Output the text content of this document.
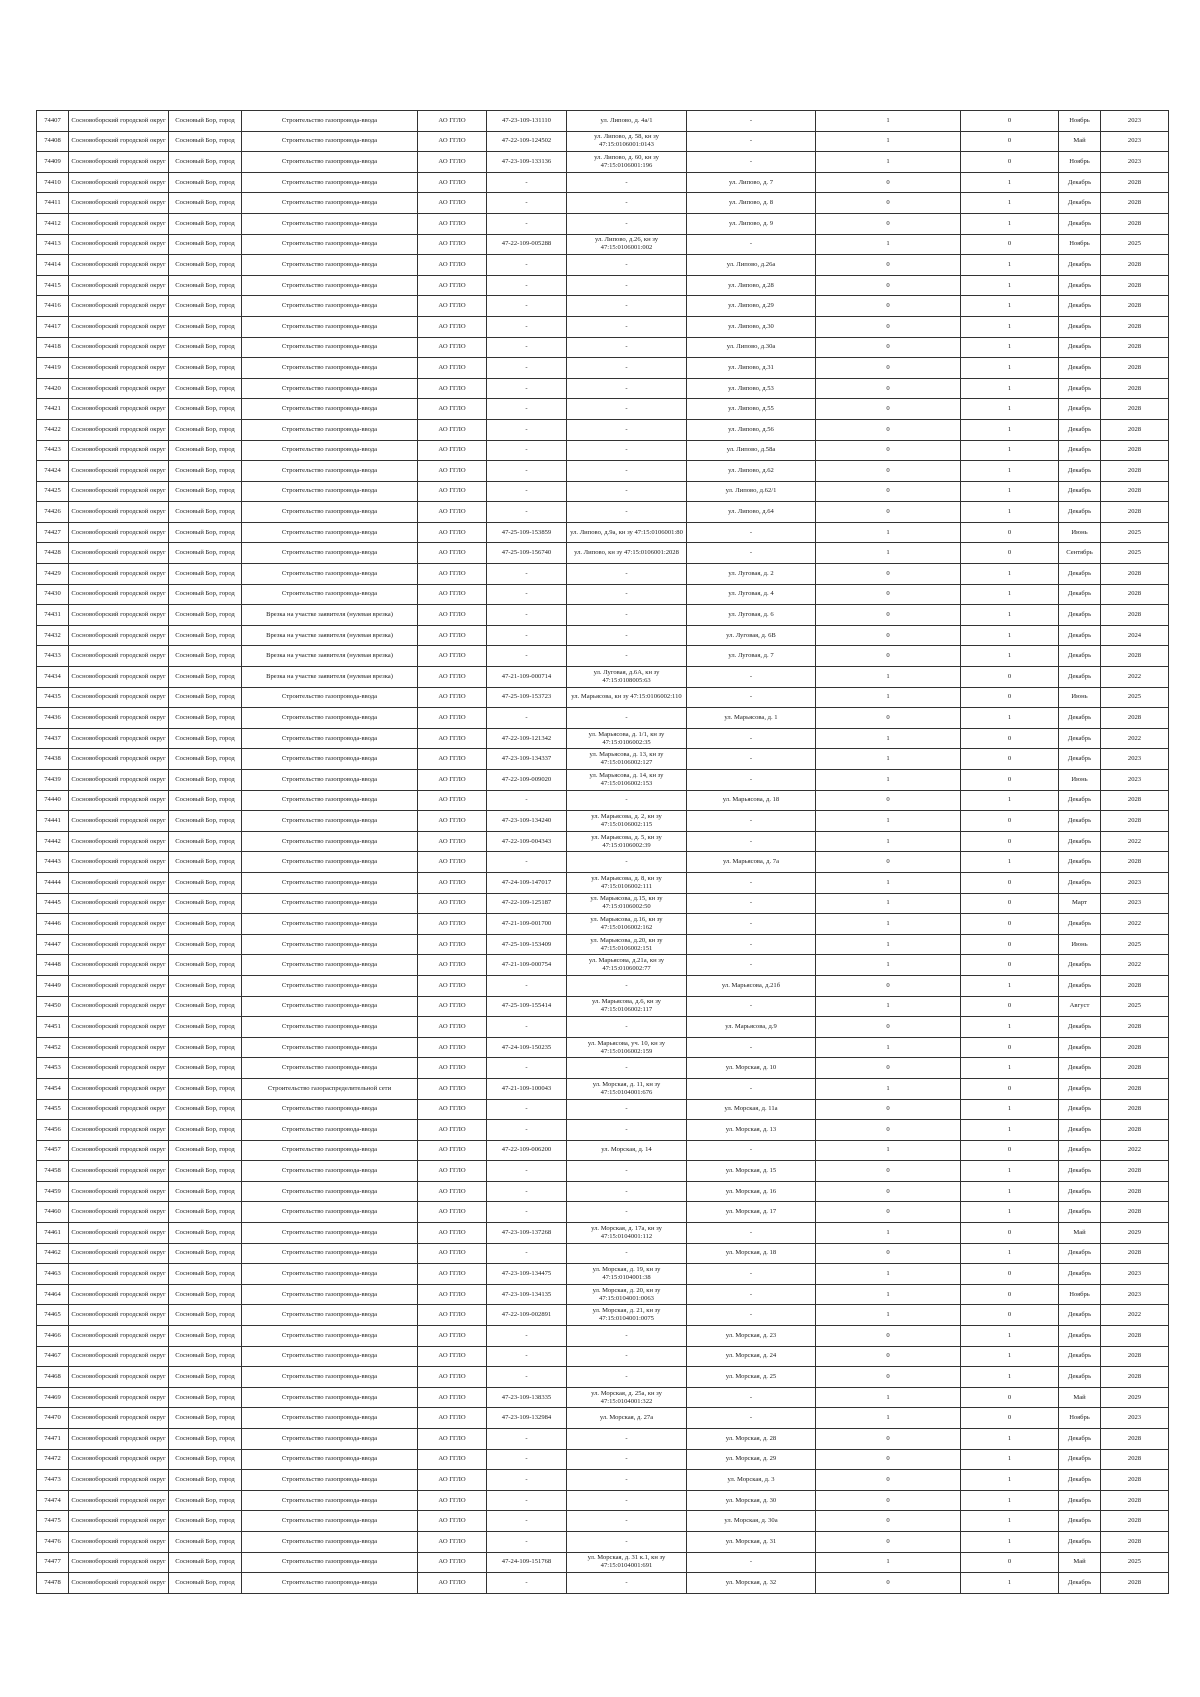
74407	Сосновоборский городской округ	Сосновый Бор, город	Строительство газопровода-ввода	АО ГГЛО	47-23-109-131110	ул. Липово, д. 4а/1	-	1	0	Ноябрь	2023
74408	Сосновоборский городской округ	Сосновый Бор, город	Строительство газопровода-ввода	АО ГГЛО	47-22-109-124502	ул. Липово, д. 58, кн зу 47:15:0106001:0143	-	1	0	Май	2023
74409	Сосновоборский городской округ	Сосновый Бор, город	Строительство газопровода-ввода	АО ГГЛО	47-23-109-133136	ул. Липово, д. 60, кн зу 47:15:0106001:196	-	1	0	Ноябрь	2023
74410	Сосновоборский городской округ	Сосновый Бор, город	Строительство газопровода-ввода	АО ГГЛО	-	-	ул. Липово, д. 7	0	1	Декабрь	2028
74411	Сосновоборский городской округ	Сосновый Бор, город	Строительство газопровода-ввода	АО ГГЛО	-	-	ул. Липово, д. 8	0	1	Декабрь	2028
74412	Сосновоборский городской округ	Сосновый Бор, город	Строительство газопровода-ввода	АО ГГЛО	-	-	ул. Липово, д. 9	0	1	Декабрь	2028
74413	Сосновоборский городской округ	Сосновый Бор, город	Строительство газопровода-ввода	АО ГГЛО	47-22-109-005288	ул. Липово, д.26, кн зу 47:15:0106001:002	-	1	0	Ноябрь	2025
74414	Сосновоборский городской округ	Сосновый Бор, город	Строительство газопровода-ввода	АО ГГЛО	-	-	ул. Липово, д.26а	0	1	Декабрь	2028
74415	Сосновоборский городской округ	Сосновый Бор, город	Строительство газопровода-ввода	АО ГГЛО	-	-	ул. Липово, д.28	0	1	Декабрь	2028
74416	Сосновоборский городской округ	Сосновый Бор, город	Строительство газопровода-ввода	АО ГГЛО	-	-	ул. Липово, д.29	0	1	Декабрь	2028
74417	Сосновоборский городской округ	Сосновый Бор, город	Строительство газопровода-ввода	АО ГГЛО	-	-	ул. Липово, д.30	0	1	Декабрь	2028
74418	Сосновоборский городской округ	Сосновый Бор, город	Строительство газопровода-ввода	АО ГГЛО	-	-	ул. Липово, д.30а	0	1	Декабрь	2028
74419	Сосновоборский городской округ	Сосновый Бор, город	Строительство газопровода-ввода	АО ГГЛО	-	-	ул. Липово, д.31	0	1	Декабрь	2028
74420	Сосновоборский городской округ	Сосновый Бор, город	Строительство газопровода-ввода	АО ГГЛО	-	-	ул. Липово, д.53	0	1	Декабрь	2028
74421	Сосновоборский городской округ	Сосновый Бор, город	Строительство газопровода-ввода	АО ГГЛО	-	-	ул. Липово, д.55	0	1	Декабрь	2028
74422	Сосновоборский городской округ	Сосновый Бор, город	Строительство газопровода-ввода	АО ГГЛО	-	-	ул. Липово, д.56	0	1	Декабрь	2028
74423	Сосновоборский городской округ	Сосновый Бор, город	Строительство газопровода-ввода	АО ГГЛО	-	-	ул. Липово, д.58а	0	1	Декабрь	2028
74424	Сосновоборский городской округ	Сосновый Бор, город	Строительство газопровода-ввода	АО ГГЛО	-	-	ул. Липово, д.62	0	1	Декабрь	2028
74425	Сосновоборский городской округ	Сосновый Бор, город	Строительство газопровода-ввода	АО ГГЛО	-	-	ул. Липово, д.62/1	0	1	Декабрь	2028
74426	Сосновоборский городской округ	Сосновый Бор, город	Строительство газопровода-ввода	АО ГГЛО	-	-	ул. Липово, д.64	0	1	Декабрь	2028
74427	Сосновоборский городской округ	Сосновый Бор, город	Строительство газопровода-ввода	АО ГГЛО	47-25-109-153859	ул. Липово, д.9а, кн зу 47:15:0106001:80	-	1	0	Июнь	2025
74428	Сосновоборский городской округ	Сосновый Бор, город	Строительство газопровода-ввода	АО ГГЛО	47-25-109-156740	ул. Липово, кн зу 47:15:0106001:2028	-	1	0	Сентябрь	2025
74429	Сосновоборский городской округ	Сосновый Бор, город	Строительство газопровода-ввода	АО ГГЛО	-	-	ул. Луговая, д. 2	0	1	Декабрь	2028
74430	Сосновоборский городской округ	Сосновый Бор, город	Строительство газопровода-ввода	АО ГГЛО	-	-	ул. Луговая, д. 4	0	1	Декабрь	2028
74431	Сосновоборский городской округ	Сосновый Бор, город	Врезка на участке заявителя (нулевая врезка)	АО ГГЛО	-	-	ул. Луговая, д. 6	0	1	Декабрь	2028
74432	Сосновоборский городской округ	Сосновый Бор, город	Врезка на участке заявителя (нулевая врезка)	АО ГГЛО	-	-	ул. Луговая, д. 6В	0	1	Декабрь	2024
74433	Сосновоборский городской округ	Сосновый Бор, город	Врезка на участке заявителя (нулевая врезка)	АО ГГЛО	-	-	ул. Луговая, д. 7	0	1	Декабрь	2028
74434	Сосновоборский городской округ	Сосновый Бор, город	Врезка на участке заявителя (нулевая врезка)	АО ГГЛО	47-21-109-000714	ул. Луговая, д.6А, кн зу 47:15:0108005:63	-	1	0	Декабрь	2022
74435	Сосновоборский городской округ	Сосновый Бор, город	Строительство газопровода-ввода	АО ГГЛО	47-25-109-153723	ул. Марьясова, кн зу 47:15:0106002:110	-	1	0	Июнь	2025
74436	Сосновоборский городской округ	Сосновый Бор, город	Строительство газопровода-ввода	АО ГГЛО	-	-	ул. Марьясова, д. 1	0	1	Декабрь	2028
74437	Сосновоборский городской округ	Сосновый Бор, город	Строительство газопровода-ввода	АО ГГЛО	47-22-109-121342	ул. Марьясова, д. 1/1, кн зу 47:15:0106002:35	-	1	0	Декабрь	2022
74438	Сосновоборский городской округ	Сосновый Бор, город	Строительство газопровода-ввода	АО ГГЛО	47-23-109-134337	ул. Марьясова, д. 13, кн зу 47:15:0106002:127	-	1	0	Декабрь	2023
74439	Сосновоборский городской округ	Сосновый Бор, город	Строительство газопровода-ввода	АО ГГЛО	47-22-109-009020	ул. Марьясова, д. 14, кн зу 47:15:0106002:153	-	1	0	Июнь	2023
74440	Сосновоборский городской округ	Сосновый Бор, город	Строительство газопровода-ввода	АО ГГЛО	-	-	ул. Марьясова, д. 18	0	1	Декабрь	2028
74441	Сосновоборский городской округ	Сосновый Бор, город	Строительство газопровода-ввода	АО ГГЛО	47-23-109-134240	ул. Марьясова, д. 2, кн зу 47:15:0106002:115	-	1	0	Декабрь	2028
74442	Сосновоборский городской округ	Сосновый Бор, город	Строительство газопровода-ввода	АО ГГЛО	47-22-109-004343	ул. Марьясова, д. 5, кн зу 47:15:0106002:39	-	1	0	Декабрь	2022
74443	Сосновоборский городской округ	Сосновый Бор, город	Строительство газопровода-ввода	АО ГГЛО	-	-	ул. Марьясова, д. 7а	0	1	Декабрь	2028
74444	Сосновоборский городской округ	Сосновый Бор, город	Строительство газопровода-ввода	АО ГГЛО	47-24-109-147017	ул. Марьясова, д. 8, кн зу 47:15:0106002:111	-	1	0	Декабрь	2023
74445	Сосновоборский городской округ	Сосновый Бор, город	Строительство газопровода-ввода	АО ГГЛО	47-22-109-125187	ул. Марьясова, д.15, кн зу 47:15:0106002:50	-	1	0	Март	2023
74446	Сосновоборский городской округ	Сосновый Бор, город	Строительство газопровода-ввода	АО ГГЛО	47-21-109-001700	ул. Марьясова, д.16, кн зу 47:15:0106002:162	-	1	0	Декабрь	2022
74447	Сосновоборский городской округ	Сосновый Бор, город	Строительство газопровода-ввода	АО ГГЛО	47-25-109-153409	ул. Марьясова, д.20, кн зу 47:15:0106002:151	-	1	0	Июнь	2025
74448	Сосновоборский городской округ	Сосновый Бор, город	Строительство газопровода-ввода	АО ГГЛО	47-21-109-000754	ул. Марьясова, д.21а, кн зу 47:15:0106002:77	-	1	0	Декабрь	2022
74449	Сосновоборский городской округ	Сосновый Бор, город	Строительство газопровода-ввода	АО ГГЛО	-	-	ул. Марьясова, д.21б	0	1	Декабрь	2028
74450	Сосновоборский городской округ	Сосновый Бор, город	Строительство газопровода-ввода	АО ГГЛО	47-25-109-155414	ул. Марьясова, д.6, кн зу 47:15:0106002:117	-	1	0	Август	2025
74451	Сосновоборский городской округ	Сосновый Бор, город	Строительство газопровода-ввода	АО ГГЛО	-	-	ул. Марьясова, д.9	0	1	Декабрь	2028
74452	Сосновоборский городской округ	Сосновый Бор, город	Строительство газопровода-ввода	АО ГГЛО	47-24-109-150235	ул. Марьясова, уч. 10, кн зу 47:15:0106002:159	-	1	0	Декабрь	2028
74453	Сосновоборский городской округ	Сосновый Бор, город	Строительство газопровода-ввода	АО ГГЛО	-	-	ул. Морская, д. 10	0	1	Декабрь	2028
74454	Сосновоборский городской округ	Сосновый Бор, город	Строительство газораспределительной сети	АО ГГЛО	47-21-109-100043	ул. Морская, д. 11, кн зу 47:15:0104001:676	-	1	0	Декабрь	2028
74455	Сосновоборский городской округ	Сосновый Бор, город	Строительство газопровода-ввода	АО ГГЛО	-	-	ул. Морская, д. 11а	0	1	Декабрь	2028
74456	Сосновоборский городской округ	Сосновый Бор, город	Строительство газопровода-ввода	АО ГГЛО	-	-	ул. Морская, д. 13	0	1	Декабрь	2028
74457	Сосновоборский городской округ	Сосновый Бор, город	Строительство газопровода-ввода	АО ГГЛО	47-22-109-006200	ул. Морская, д. 14	-	1	0	Декабрь	2022
74458	Сосновоборский городской округ	Сосновый Бор, город	Строительство газопровода-ввода	АО ГГЛО	-	-	ул. Морская, д. 15	0	1	Декабрь	2028
74459	Сосновоборский городской округ	Сосновый Бор, город	Строительство газопровода-ввода	АО ГГЛО	-	-	ул. Морская, д. 16	0	1	Декабрь	2028
74460	Сосновоборский городской округ	Сосновый Бор, город	Строительство газопровода-ввода	АО ГГЛО	-	-	ул. Морская, д. 17	0	1	Декабрь	2028
74461	Сосновоборский городской округ	Сосновый Бор, город	Строительство газопровода-ввода	АО ГГЛО	47-23-109-137268	ул. Морская, д. 17а, кн зу 47:15:0104001:112	-	1	0	Май	2029
74462	Сосновоборский городской округ	Сосновый Бор, город	Строительство газопровода-ввода	АО ГГЛО	-	-	ул. Морская, д. 18	0	1	Декабрь	2028
74463	Сосновоборский городской округ	Сосновый Бор, город	Строительство газопровода-ввода	АО ГГЛО	47-23-109-134475	ул. Морская, д. 19, кн зу 47:15:0104001:38	-	1	0	Декабрь	2023
74464	Сосновоборский городской округ	Сосновый Бор, город	Строительство газопровода-ввода	АО ГГЛО	47-23-109-134135	ул. Морская, д. 20, кн зу 47:15:0104001:0063	-	1	0	Ноябрь	2023
74465	Сосновоборский городской округ	Сосновый Бор, город	Строительство газопровода-ввода	АО ГГЛО	47-22-109-002891	ул. Морская, д. 21, кн зу 47:15:0104001:0075	-	1	0	Декабрь	2022
74466	Сосновоборский городской округ	Сосновый Бор, город	Строительство газопровода-ввода	АО ГГЛО	-	-	ул. Морская, д. 23	0	1	Декабрь	2028
74467	Сосновоборский городской округ	Сосновый Бор, город	Строительство газопровода-ввода	АО ГГЛО	-	-	ул. Морская, д. 24	0	1	Декабрь	2028
74468	Сосновоборский городской округ	Сосновый Бор, город	Строительство газопровода-ввода	АО ГГЛО	-	-	ул. Морская, д. 25	0	1	Декабрь	2028
74469	Сосновоборский городской округ	Сосновый Бор, город	Строительство газопровода-ввода	АО ГГЛО	47-23-109-138335	ул. Морская, д. 25а, кн зу 47:15:0104001:322	-	1	0	Май	2029
74470	Сосновоборский городской округ	Сосновый Бор, город	Строительство газопровода-ввода	АО ГГЛО	47-23-109-132984	ул. Морская, д. 27а	-	1	0	Ноябрь	2023
74471	Сосновоборский городской округ	Сосновый Бор, город	Строительство газопровода-ввода	АО ГГЛО	-	-	ул. Морская, д. 28	0	1	Декабрь	2028
74472	Сосновоборский городской округ	Сосновый Бор, город	Строительство газопровода-ввода	АО ГГЛО	-	-	ул. Морская, д. 29	0	1	Декабрь	2028
74473	Сосновоборский городской округ	Сосновый Бор, город	Строительство газопровода-ввода	АО ГГЛО	-	-	ул. Морская, д. 3	0	1	Декабрь	2028
74474	Сосновоборский городской округ	Сосновый Бор, город	Строительство газопровода-ввода	АО ГГЛО	-	-	ул. Морская, д. 30	0	1	Декабрь	2028
74475	Сосновоборский городской округ	Сосновый Бор, город	Строительство газопровода-ввода	АО ГГЛО	-	-	ул. Морская, д. 30а	0	1	Декабрь	2028
74476	Сосновоборский городской округ	Сосновый Бор, город	Строительство газопровода-ввода	АО ГГЛО	-	-	ул. Морская, д. 31	0	1	Декабрь	2028
74477	Сосновоборский городской округ	Сосновый Бор, город	Строительство газопровода-ввода	АО ГГЛО	47-24-109-151768	ул. Морская, д. 31 к.1, кн зу 47:15:0104001:691	-	1	0	Май	2025
74478	Сосновоборский городской округ	Сосновый Бор, город	Строительство газопровода-ввода	АО ГГЛО	-	-	ул. Морская, д. 32	0	1	Декабрь	2028
